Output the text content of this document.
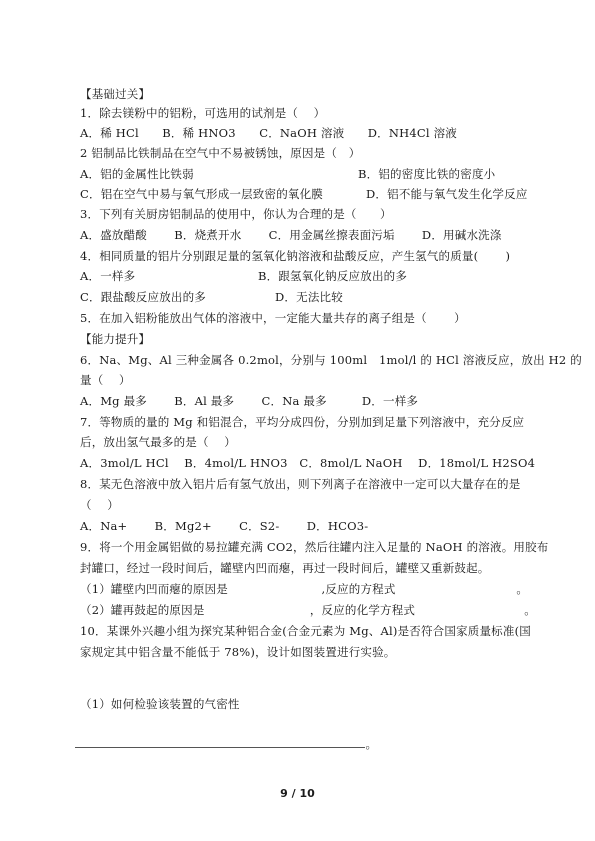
【基础过关】
1．除去镁粉中的铝粉，可选用的试剂是（　 ）
A．稀 HCl　　B．稀 HNO3　　C．NaOH 溶液　　D．NH4Cl 溶液
2 铝制品比铁制品在空气中不易被锈蚀，原因是（　）
A．铝的金属性比铁弱	B．铝的密度比铁的密度小
C．铝在空气中易与氧气形成一层致密的氧化膜	D．铝不能与氧气发生化学反应
3．下列有关厨房铝制品的使用中，你认为合理的是（　　）
A．盛放醋酸　　 B．烧煮开水　　 C．用金属丝擦表面污垢　　 D．用碱水洗涤
4．相同质量的铝片分别跟足量的氢氧化钠溶液和盐酸反应，产生氢气的质量(　　 )
A．一样多	B．跟氢氧化钠反应放出的多
C．跟盐酸反应放出的多	D．无法比较
5．在加入铝粉能放出气体的溶液中，一定能大量共存的离子组是（　　 ）
【能力提升】
6．Na、Mg、Al 三种金属各 0.2mol，分别与 100ml　1mol/l 的 HCl 溶液反应，放出 H2 的
量（　 ）
A．Mg 最多　　 B．Al 最多　　 C．Na 最多　　　D．一样多
7．等物质的量的 Mg 和铝混合，平均分成四份，分别加到足量下列溶液中，充分反应
后，放出氢气最多的是（　 ）
A．3mol/L HCl　 B．4mol/L HNO3　C．8mol/L NaOH　 D．18mol/L H2SO4
8．某无色溶液中放入铝片后有氢气放出，则下列离子在溶液中一定可以大量存在的是
（　 ）
A．Na+　　 B．Mg2+　　 C．S2-　　 D．HCO3-
9．将一个用金属铝做的易拉罐充满 CO2，然后往罐内注入足量的 NaOH 的溶液。用胶布
封罐口，经过一段时间后，罐壁内凹而瘪，再过一段时间后，罐壁又重新鼓起。
（1）罐壁内凹而瘪的原因是　　　　　　　　,反应的方程式　　　　　　　　　　 。
（2）罐再鼓起的原因是　　　　　　　　　，反应的化学方程式　　　　　　　　　 。
10．某课外兴趣小组为探究某种铝合金(合金元素为 Mg、Al)是否符合国家质量标准(国
家规定其中铝含量不能低于 78%)，设计如图装置进行实验。
（1）如何检验该装置的气密性

。

9 / 10
